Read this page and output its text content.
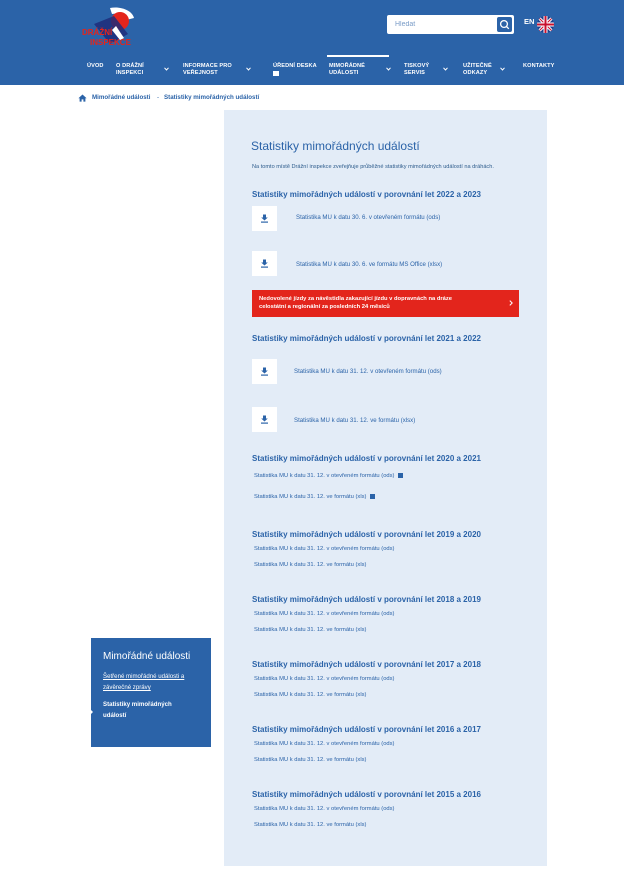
DRÁŽNÍ
INSPEKCE
Hledat
EN
ÚVOD O DRÁŽNÍ
INSPEKCI
INFORMACE PRO
VEŘEJNOST
ÚŘEDNÍ DESKA MIMOŘÁDNÉ
UDÁLOSTI
TISKOVÝ
SERVIS
UŽITEČNÉ
ODKAZY
KONTAKTY
Mimořádné události - Statistiky mimořádných událostí
Mimořádné události
Šetřené mimořádné události a
závěrečné zprávy
Statistiky mimořádných
událostí
Statistiky mimořádných událostí
Na tomto místě Drážní inspekce zveřejňuje průběžné statistiky mimořádných událostí na dráhách.
Statistiky mimořádných událostí v porovnání let 2022 a 2023
Statistika MU k datu 30. 6. v otevřeném formátu (ods)
Statistika MU k datu 30. 6. ve formátu MS Office (xlsx)
Nedovolené jízdy za návěstidla zakazující jízdu v dopravnách na dráze
celostátní a regionální za posledních 24 měsíců
Statistiky mimořádných událostí v porovnání let 2021 a 2022
Statistika MU k datu 31. 12. v otevřeném formátu (ods)
Statistika MU k datu 31. 12. ve formátu (xlsx)
Statistiky mimořádných událostí v porovnání let 2020 a 2021
Statistika MU k datu 31. 12. v otevřeném formátu (ods)
Statistika MU k datu 31. 12. ve formátu (xls)
Statistiky mimořádných událostí v porovnání let 2019 a 2020
Statistika MU k datu 31. 12. v otevřeném formátu (ods)
Statistika MU k datu 31. 12. ve formátu (xls)
Statistiky mimořádných událostí v porovnání let 2018 a 2019
Statistika MU k datu 31. 12. v otevřeném formátu (ods)
Statistika MU k datu 31. 12. ve formátu (xls)
Statistiky mimořádných událostí v porovnání let 2017 a 2018
Statistika MU k datu 31. 12. v otevřeném formátu (ods)
Statistika MU k datu 31. 12. ve formátu (xls)
Statistiky mimořádných událostí v porovnání let 2016 a 2017
Statistika MU k datu 31. 12. v otevřeném formátu (ods)
Statistika MU k datu 31. 12. ve formátu (xls)
Statistiky mimořádných událostí v porovnání let 2015 a 2016
Statistika MU k datu 31. 12. v otevřeném formátu (ods)
Statistika MU k datu 31. 12. ve formátu (xls)
